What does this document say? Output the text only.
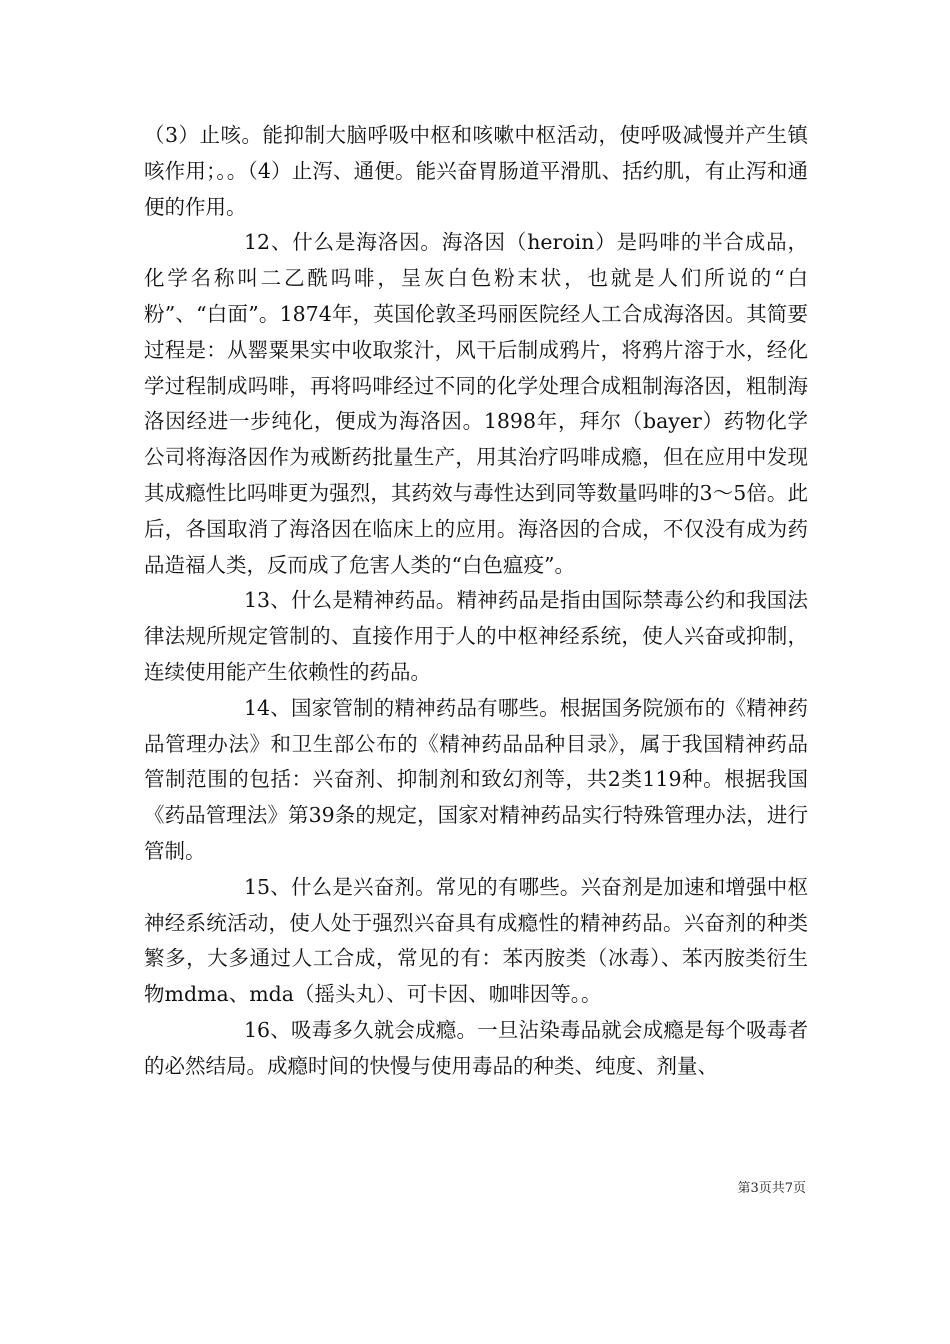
（3）止咳。能抑制大脑呼吸中枢和咳嗽中枢活动，使呼吸减慢并产生镇咳作用；。。（4）止泻、通便。能兴奋胃肠道平滑肌、括约肌，有止泻和通便的作用。

12、什么是海洛因。海洛因（heroin）是吗啡的半合成品，化学名称叫二乙酰吗啡，呈灰白色粉末状，也就是人们所说的“白粉”、“白面”。1874年，英国伦敦圣玛丽医院经人工合成海洛因。其简要过程是：从罂粟果实中收取浆汁，风干后制成鸦片，将鸦片溶于水，经化学过程制成吗啡，再将吗啡经过不同的化学处理合成粗制海洛因，粗制海洛因经进一步纯化，便成为海洛因。1898年，拜尔（bayer）药物化学公司将海洛因作为戒断药批量生产，用其治疗吗啡成瘾，但在应用中发现其成瘾性比吗啡更为强烈，其药效与毒性达到同等数量吗啡的3～5倍。此后，各国取消了海洛因在临床上的应用。海洛因的合成，不仅没有成为药品造福人类，反而成了危害人类的“白色瘟疫”。

13、什么是精神药品。精神药品是指由国际禁毒公约和我国法律法规所规定管制的、直接作用于人的中枢神经系统，使人兴奋或抑制，连续使用能产生依赖性的药品。

14、国家管制的精神药品有哪些。根据国务院颁布的《精神药品管理办法》和卫生部公布的《精神药品品种目录》，属于我国精神药品管制范围的包括：兴奋剂、抑制剂和致幻剂等，共2类119种。根据我国《药品管理法》第39条的规定，国家对精神药品实行特殊管理办法，进行管制。

15、什么是兴奋剂。常见的有哪些。兴奋剂是加速和增强中枢神经系统活动，使人处于强烈兴奋具有成瘾性的精神药品。兴奋剂的种类繁多，大多通过人工合成，常见的有：苯丙胺类（冰毒）、苯丙胺类衍生物mdma、mda（摇头丸）、可卡因、咖啡因等。。

16、吸毒多久就会成瘾。一旦沾染毒品就会成瘾是每个吸毒者的必然结局。成瘾时间的快慢与使用毒品的种类、纯度、剂量、

第3页共7页
